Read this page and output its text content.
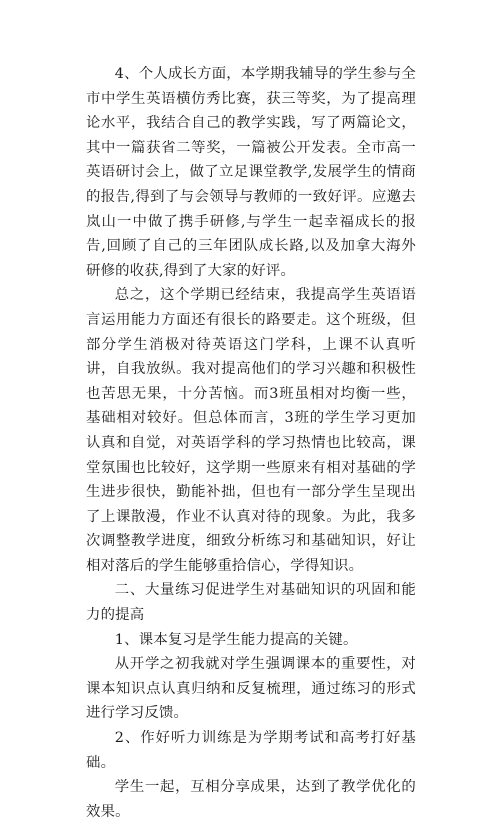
4、个人成长方面，本学期我辅导的学生参与全市中学生英语横仿秀比赛，获三等奖，为了提高理论水平，我结合自己的教学实践，写了两篇论文，其中一篇获省二等奖，一篇被公开发表。全市高一英语研讨会上，做了立足课堂教学,发展学生的情商的报告,得到了与会领导与教师的一致好评。应邀去岚山一中做了携手研修,与学生一起幸福成长的报告,回顾了自己的三年团队成长路,以及加拿大海外研修的收获,得到了大家的好评。

总之，这个学期已经结束，我提高学生英语语言运用能力方面还有很长的路要走。这个班级，但部分学生消极对待英语这门学科，上课不认真听讲，自我放纵。我对提高他们的学习兴趣和积极性也苦思无果，十分苦恼。而3班虽相对均衡一些，基础相对较好。但总体而言，3班的学生学习更加认真和自觉，对英语学科的学习热情也比较高，课堂氛围也比较好，这学期一些原来有相对基础的学生进步很快，勤能补拙，但也有一部分学生呈现出了上课散漫，作业不认真对待的现象。为此，我多次调整教学进度，细致分析练习和基础知识，好让相对落后的学生能够重拾信心，学得知识。

二、大量练习促进学生对基础知识的巩固和能力的提高

1、课本复习是学生能力提高的关键。

从开学之初我就对学生强调课本的重要性，对课本知识点认真归纳和反复梳理，通过练习的形式进行学习反馈。

2、作好听力训练是为学期考试和高考打好基础。

学生一起，互相分享成果，达到了教学优化的效果。
